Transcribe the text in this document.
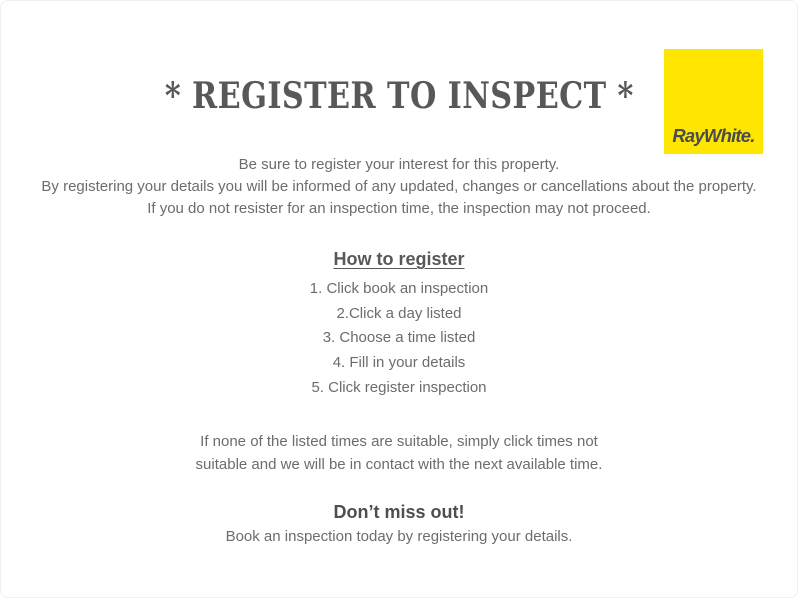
* REGISTER TO INSPECT *
Be sure to register your interest for this property.
By registering your details you will be informed of any updated, changes or cancellations about the property.
If you do not resister for an inspection time, the inspection may not proceed.
How to register
1. Click book an inspection
2.Click a day listed
3. Choose a time listed
4. Fill in your details
5. Click register inspection
If none of the listed times are suitable, simply click times not
suitable and we will be in contact with the next available time.
Don’t miss out!
Book an inspection today by registering your details.
RayWhite.
